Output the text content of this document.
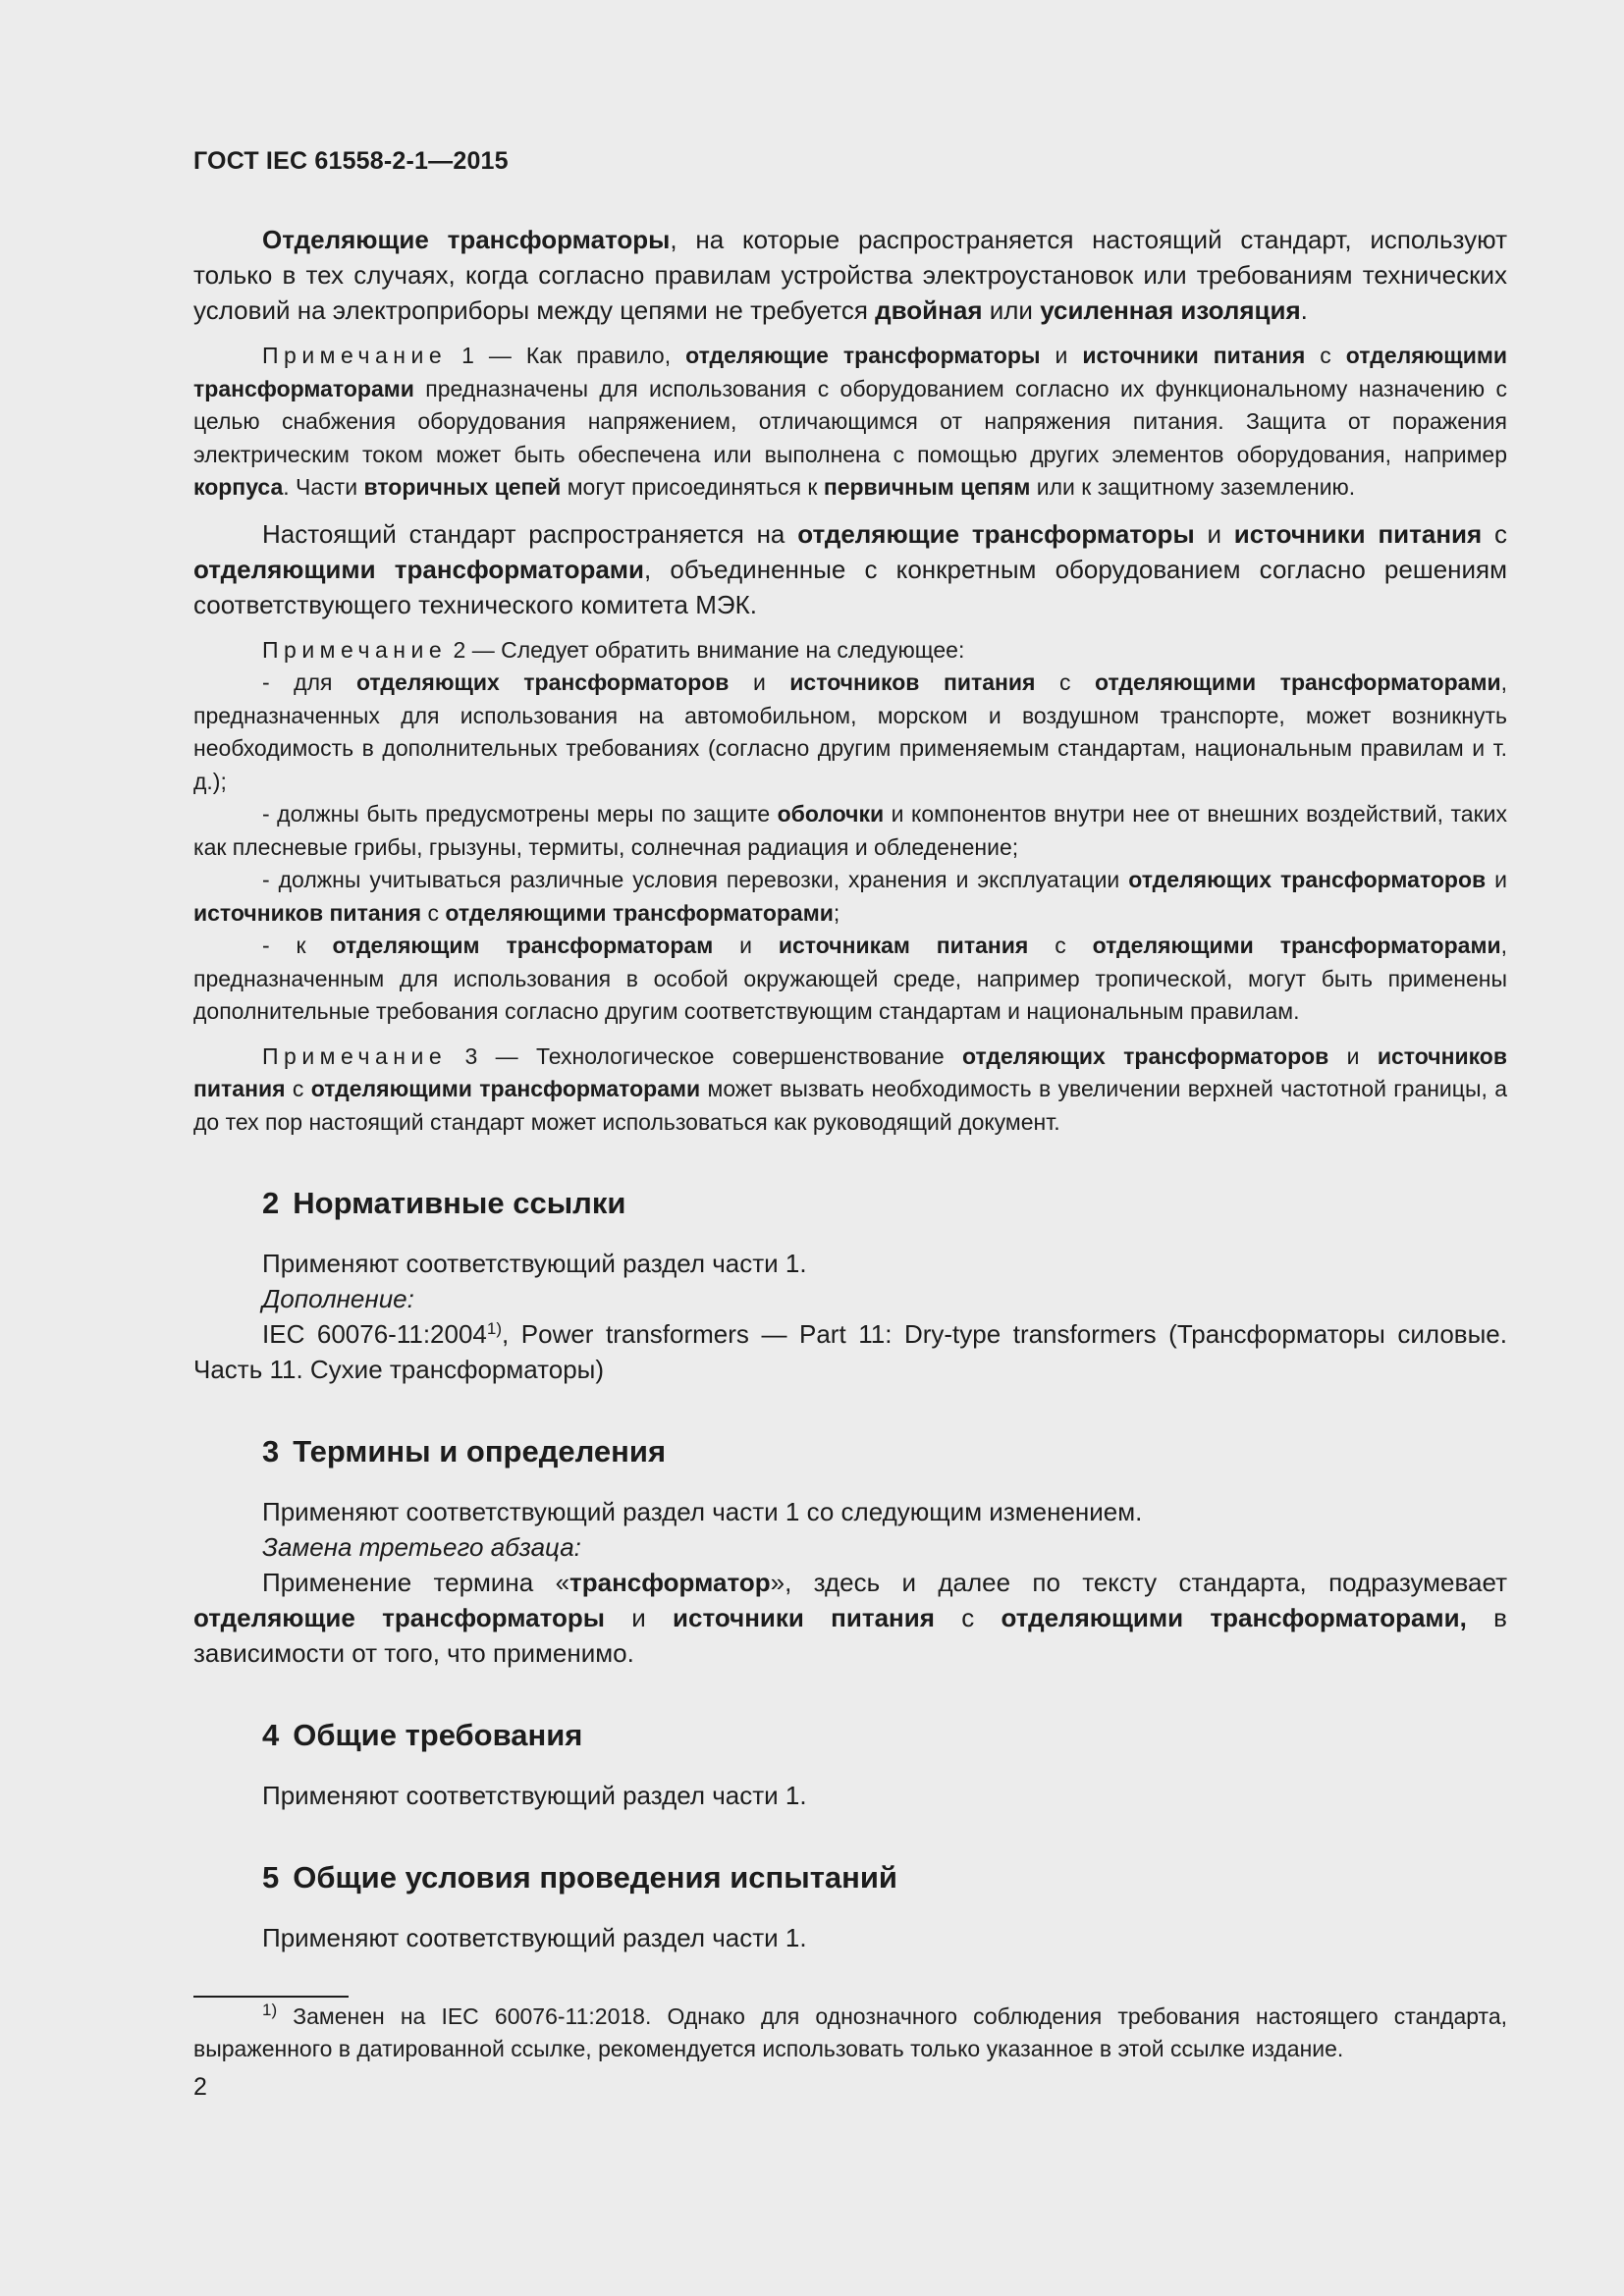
ГОСТ IEC 61558-2-1—2015

Отделяющие трансформаторы, на которые распространяется настоящий стандарт, используют только в тех случаях, когда согласно правилам устройства электроустановок или требованиям технических условий на электроприборы между цепями не требуется двойная или усиленная изоляция.

Примечание 1 — Как правило, отделяющие трансформаторы и источники питания с отделяющими трансформаторами предназначены для использования с оборудованием согласно их функциональному назначению с целью снабжения оборудования напряжением, отличающимся от напряжения питания. Защита от поражения электрическим током может быть обеспечена или выполнена с помощью других элементов оборудования, например корпуса. Части вторичных цепей могут присоединяться к первичным цепям или к защитному заземлению.

Настоящий стандарт распространяется на отделяющие трансформаторы и источники питания с отделяющими трансформаторами, объединенные с конкретным оборудованием согласно решениям соответствующего технического комитета МЭК.

Примечание 2 — Следует обратить внимание на следующее:

- для отделяющих трансформаторов и источников питания с отделяющими трансформаторами, предназначенных для использования на автомобильном, морском и воздушном транспорте, может возникнуть необходимость в дополнительных требованиях (согласно другим применяемым стандартам, национальным правилам и т. д.);

- должны быть предусмотрены меры по защите оболочки и компонентов внутри нее от внешних воздействий, таких как плесневые грибы, грызуны, термиты, солнечная радиация и обледенение;

- должны учитываться различные условия перевозки, хранения и эксплуатации отделяющих трансформаторов и источников питания с отделяющими трансформаторами;

- к отделяющим трансформаторам и источникам питания с отделяющими трансформаторами, предназначенным для использования в особой окружающей среде, например тропической, могут быть применены дополнительные требования согласно другим соответствующим стандартам и национальным правилам.

Примечание 3 — Технологическое совершенствование отделяющих трансформаторов и источников питания с отделяющими трансформаторами может вызвать необходимость в увеличении верхней частотной границы, а до тех пор настоящий стандарт может использоваться как руководящий документ.

2 Нормативные ссылки

Применяют соответствующий раздел части 1.

Дополнение:

IEC 60076-11:2004$^{1)}$, Power transformers — Part 11: Dry-type transformers (Трансформаторы силовые. Часть 11. Сухие трансформаторы)

3 Термины и определения

Применяют соответствующий раздел части 1 со следующим изменением.

Замена третьего абзаца:

Применение термина «трансформатор», здесь и далее по тексту стандарта, подразумевает отделяющие трансформаторы и источники питания с отделяющими трансформаторами, в зависимости от того, что применимо.

4 Общие требования

Применяют соответствующий раздел части 1.

5 Общие условия проведения испытаний

Применяют соответствующий раздел части 1.

$^{1)}$ Заменен на IEC 60076-11:2018. Однако для однозначного соблюдения требования настоящего стандарта, выраженного в датированной ссылке, рекомендуется использовать только указанное в этой ссылке издание.

2
